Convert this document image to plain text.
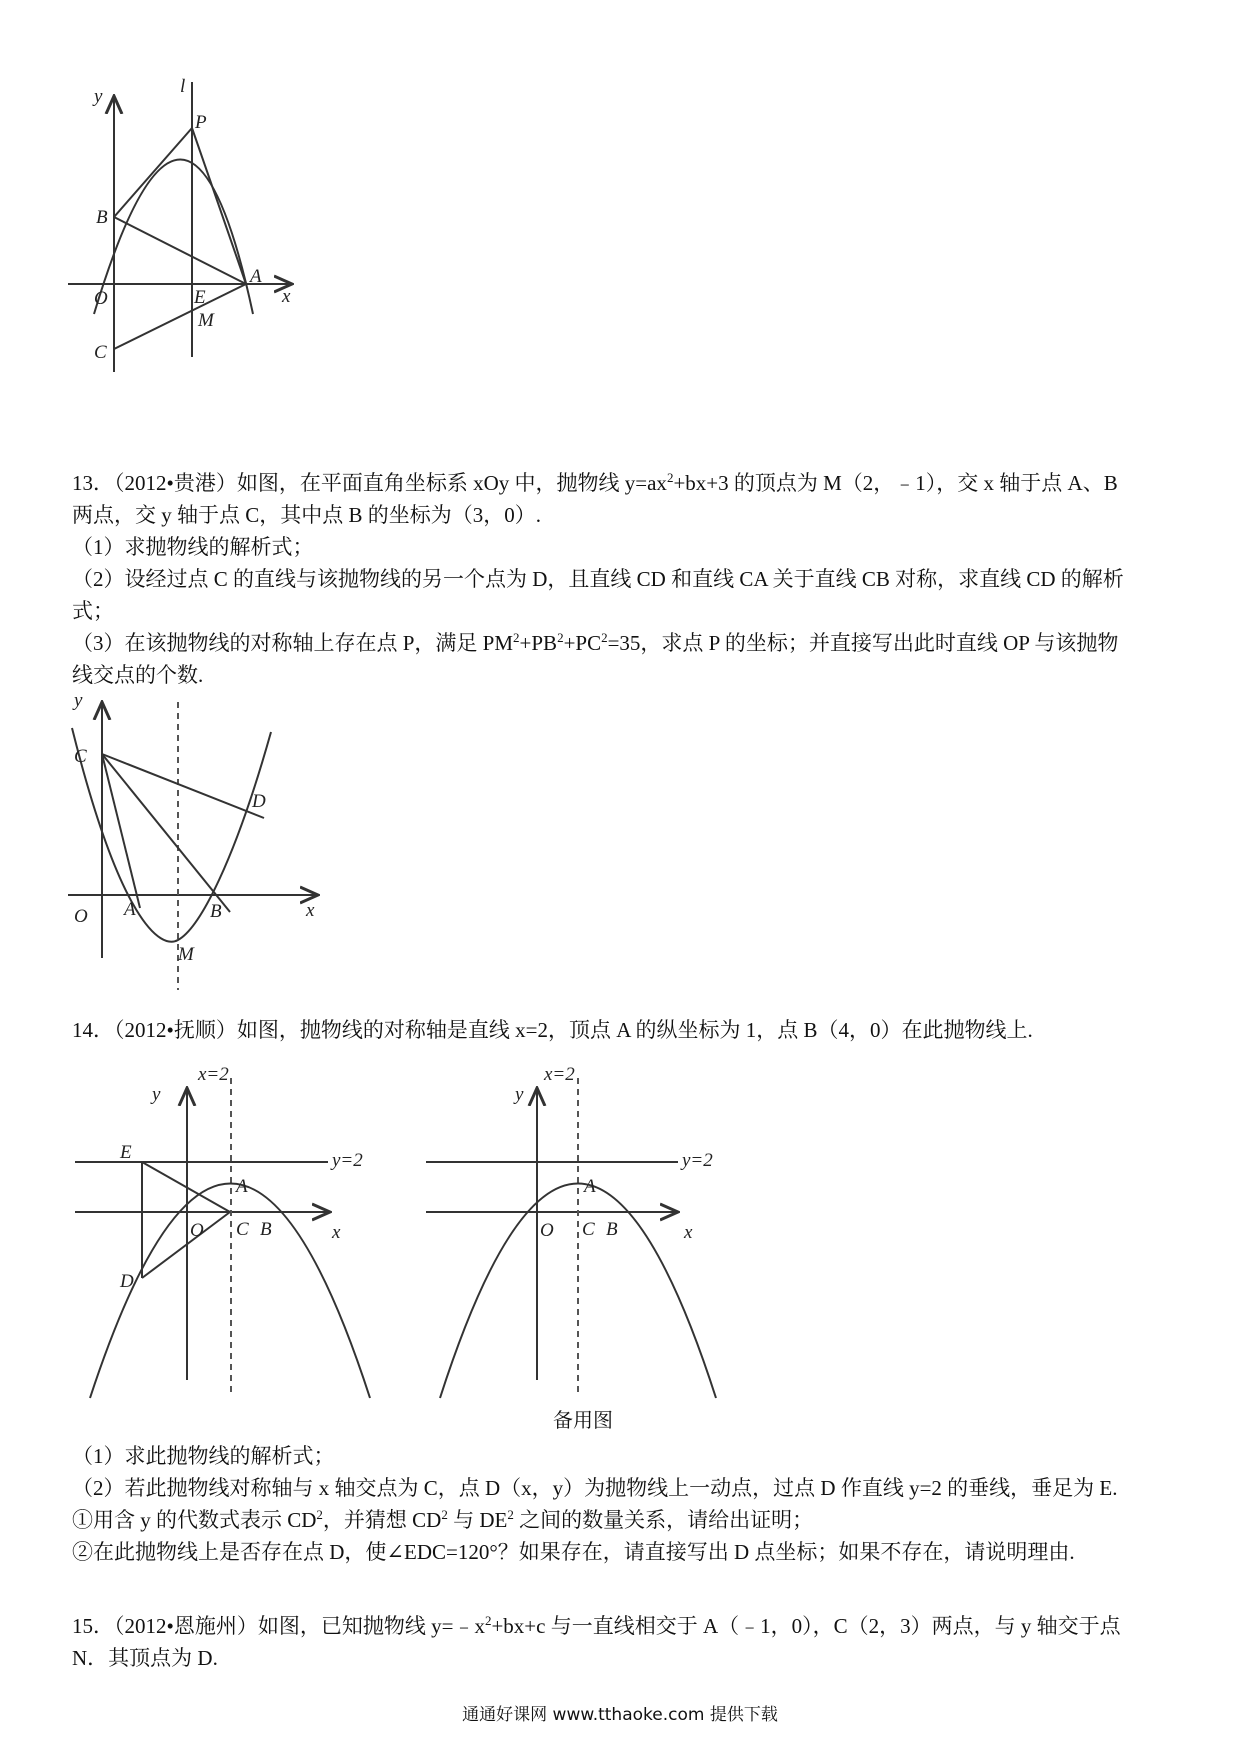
y	l
P
B
A
O	E	x
M
C

13．（2012•贵港）如图，在平面直角坐标系 xOy 中，抛物线 $y=ax^2+bx+3$ 的顶点为 M（2，﹣1），交 x 轴于点 A、B

两点，交 y 轴于点 C，其中点 B 的坐标为（3，0）.

（1）求抛物线的解析式；

（2）设经过点 C 的直线与该抛物线的另一个点为 D，且直线 CD 和直线 CA 关于直线 CB 对称，求直线 CD 的解析

式；

（3）在该抛物线的对称轴上存在点 P，满足 $PM^2+PB^2+PC^2=35$，求点 P 的坐标；并直接写出此时直线 OP 与该抛物

线交点的个数.

y
C
D
O A	B	x
M

14．（2012•抚顺）如图，抛物线的对称轴是直线 x=2，顶点 A 的纵坐标为 1，点 B（4，0）在此抛物线上.

x=2
y
E	y=2
A
O C B	x
D
x=2
y
y=2
A
O C B	x
备用图

（1）求此抛物线的解析式；

（2）若此抛物线对称轴与 x 轴交点为 C，点 D（x，y）为抛物线上一动点，过点 D 作直线 y=2 的垂线，垂足为 E.

①用含 y 的代数式表示 $CD^2$，并猜想 $CD^2$ 与 $DE^2$ 之间的数量关系，请给出证明；

②在此抛物线上是否存在点 D，使∠EDC=120°？如果存在，请直接写出 D 点坐标；如果不存在，请说明理由.

15．（2012•恩施州）如图，已知抛物线 $y=﹣x^2+bx+c$ 与一直线相交于 A（﹣1，0），C（2，3）两点，与 y 轴交于点

N．其顶点为 D.

通通好课网 www.tthaoke.com 提供下载
